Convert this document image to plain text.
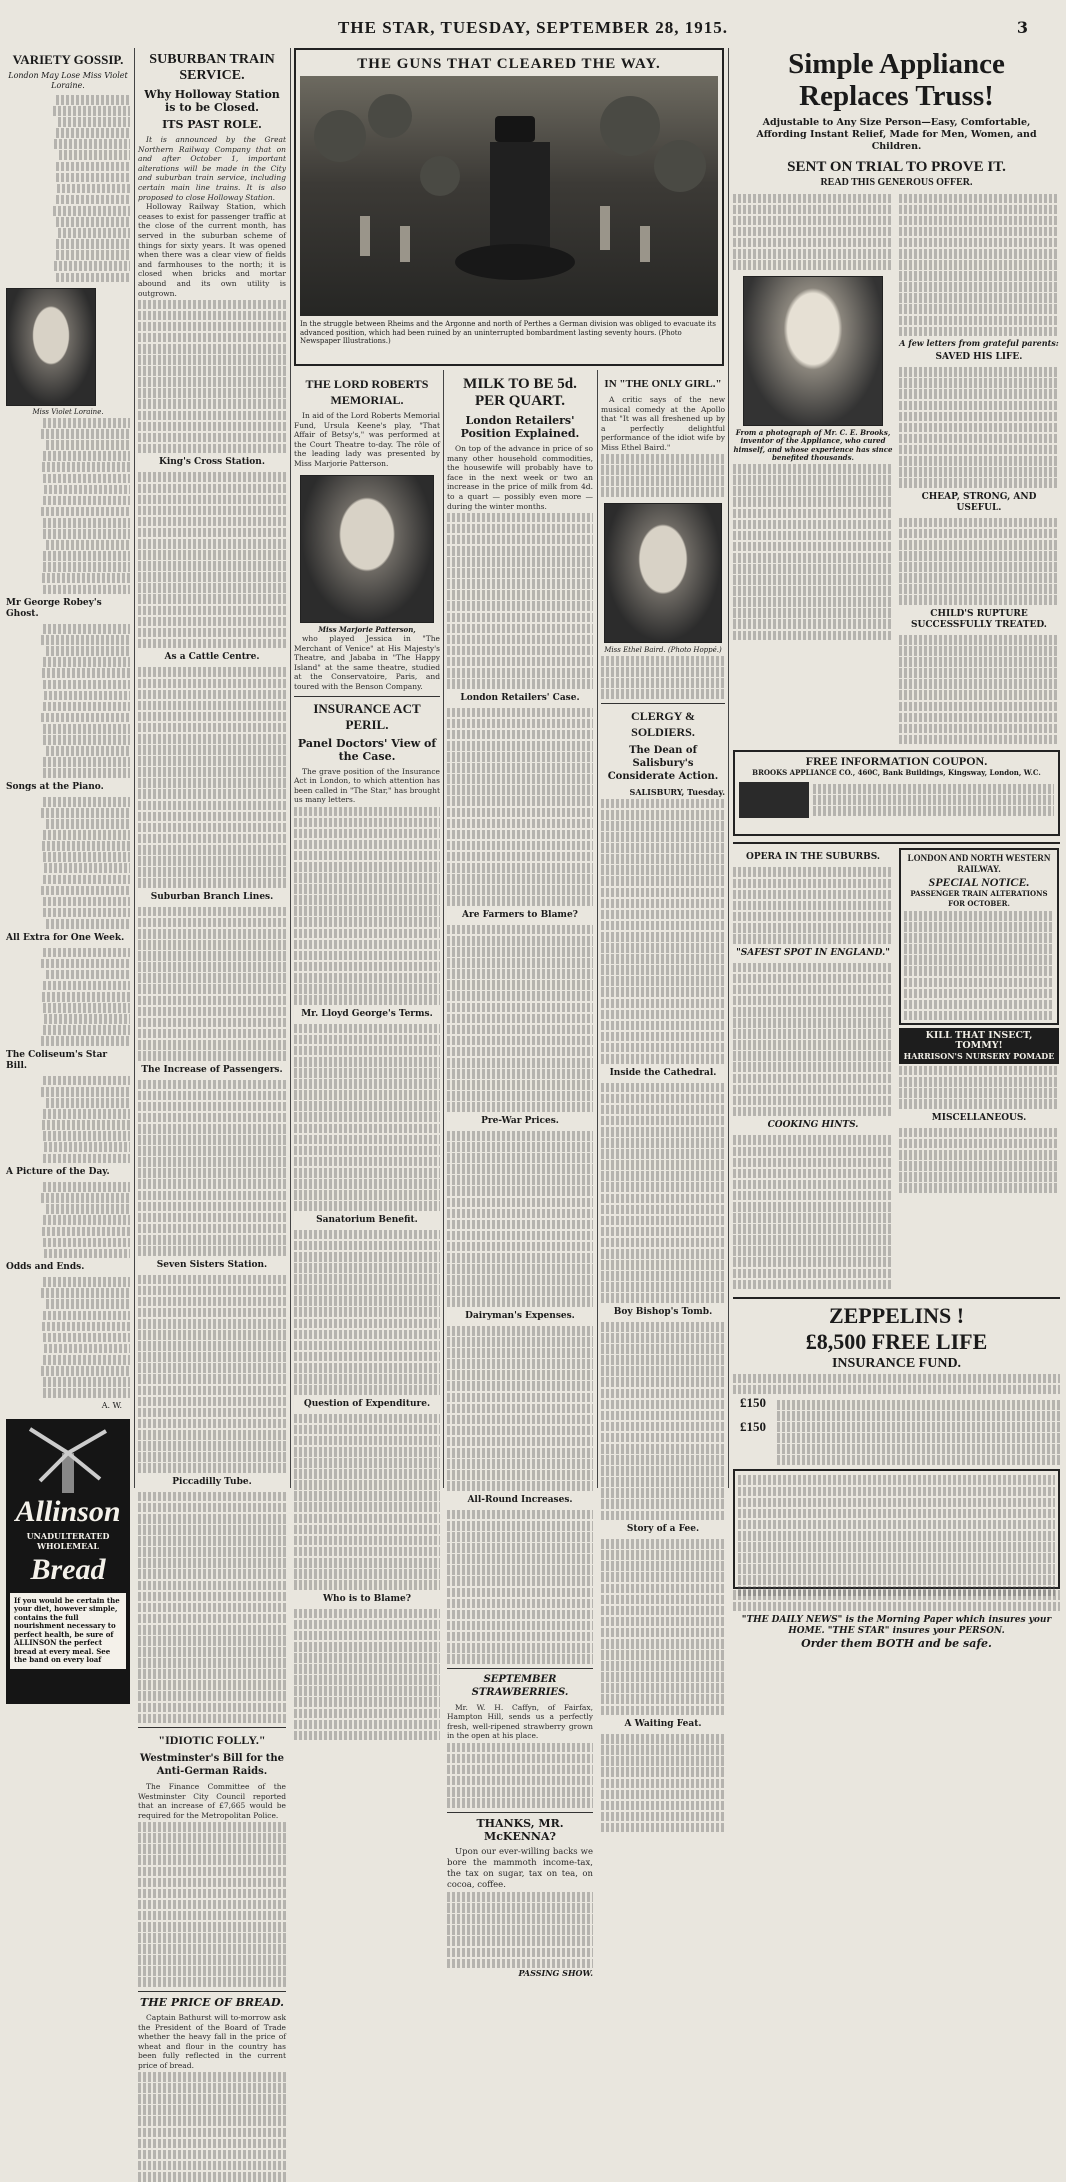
THE STAR, TUESDAY, SEPTEMBER 28, 1915.	3
VARIETY GOSSIP.
London May Lose Miss Violet Loraine.
Miss Violet Loraine.
Mr George Robey's Ghost.
Songs at the Piano.
All Extra for One Week.
The Coliseum's Star Bill.
A Picture of the Day.
Odds and Ends.
A. W.
Allinson
UNADULTERATED WHOLEMEAL
Bread
If you would be certain the your diet, however simple, contains the full nourishment necessary to perfect health, be sure of ALLINSON the perfect bread at every meal. See the band on every loaf
SUBURBAN TRAIN SERVICE.
Why Holloway Station is to be Closed.
ITS PAST ROLE.

It is announced by the Great Northern Railway Company that on and after October 1, important alterations will be made in the City and suburban train service, including certain main line trains. It is also proposed to close Holloway Station.

Holloway Railway Station, which ceases to exist for passenger traffic at the close of the current month, has served in the suburban scheme of things for sixty years. It was opened when there was a clear view of fields and farmhouses to the north; it is closed when bricks and mortar abound and its own utility is outgrown.

King's Cross Station.
As a Cattle Centre.
Suburban Branch Lines.
The Increase of Passengers.
Seven Sisters Station.
Piccadilly Tube.
"IDIOTIC FOLLY."
Westminster's Bill for the Anti-German Raids.

The Finance Committee of the Westminster City Council reported that an increase of £7,665 would be required for the Metropolitan Police.

THE PRICE OF BREAD.

Captain Bathurst will to-morrow ask the President of the Board of Trade whether the heavy fall in the price of wheat and flour in the country has been fully reflected in the current price of bread.

THE GUNS THAT CLEARED THE WAY.
In the struggle between Rheims and the Argonne and north of Perthes a German division was obliged to evacuate its advanced position, which had been ruined by an uninterrupted bombardment lasting seventy hours. (Photo Newspaper Illustrations.)
THE LORD ROBERTS MEMORIAL.

In aid of the Lord Roberts Memorial Fund, Ursula Keene's play, "That Affair of Betsy's," was performed at the Court Theatre to-day. The rôle of the leading lady was presented by Miss Marjorie Patterson.

Miss Marjorie Patterson,

who played Jessica in "The Merchant of Venice" at His Majesty's Theatre, and Jababa in "The Happy Island" at the same theatre, studied at the Conservatoire, Paris, and toured with the Benson Company.

INSURANCE ACT PERIL.
Panel Doctors' View of the Case.

The grave position of the Insurance Act in London, to which attention has been called in "The Star," has brought us many letters.

Mr. Lloyd George's Terms.
Sanatorium Benefit.
Question of Expenditure.
Who is to Blame?
MILK TO BE 5d. PER QUART.
London Retailers' Position Explained.

On top of the advance in price of so many other household commodities, the housewife will probably have to face in the next week or two an increase in the price of milk from 4d. to a quart — possibly even more — during the winter months.

London Retailers' Case.
Are Farmers to Blame?
Pre-War Prices.
Dairyman's Expenses.
All-Round Increases.
SEPTEMBER STRAWBERRIES.

Mr. W. H. Caffyn, of Fairfax, Hampton Hill, sends us a perfectly fresh, well-ripened strawberry grown in the open at his place.

THANKS, MR. McKENNA?

Upon our ever-willing backs we bore the mammoth income-tax, the tax on sugar, tax on tea, on cocoa, coffee.

PASSING SHOW.
IN "THE ONLY GIRL."

A critic says of the new musical comedy at the Apollo that "It was all freshened up by a perfectly delightful performance of the idiot wife by Miss Ethel Baird."

Miss Ethel Baird. (Photo Hoppé.)
CLERGY & SOLDIERS.
The Dean of Salisbury's Considerate Action.
SALISBURY, Tuesday.
Inside the Cathedral.
Boy Bishop's Tomb.
Story of a Fee.
A Waiting Feat.
Simple Appliance
Replaces Truss!
Adjustable to Any Size Person—Easy, Comfortable, Affording Instant Relief, Made for Men, Women, and Children.
SENT ON TRIAL TO PROVE IT.
READ THIS GENEROUS OFFER.
From a photograph of Mr. C. E. Brooks, inventor of the Appliance, who cured himself, and whose experience has since benefited thousands.
A few letters from grateful parents:
SAVED HIS LIFE.
CHEAP, STRONG, AND USEFUL.
CHILD'S RUPTURE SUCCESSFULLY TREATED.
FREE INFORMATION COUPON.
BROOKS APPLIANCE CO., 460C, Bank Buildings, Kingsway, London, W.C.
OPERA IN THE SUBURBS.
"SAFEST SPOT IN ENGLAND."
COOKING HINTS.
LONDON AND NORTH WESTERN RAILWAY.
SPECIAL NOTICE.
PASSENGER TRAIN ALTERATIONS FOR OCTOBER.
KILL THAT INSECT, TOMMY!
HARRISON'S NURSERY POMADE
MISCELLANEOUS.
ZEPPELINS !
£8,500 FREE LIFE
INSURANCE FUND.
£150
£150
"THE DAILY NEWS" is the Morning Paper which insures your HOME. "THE STAR" insures your PERSON.
Order them BOTH and be safe.
